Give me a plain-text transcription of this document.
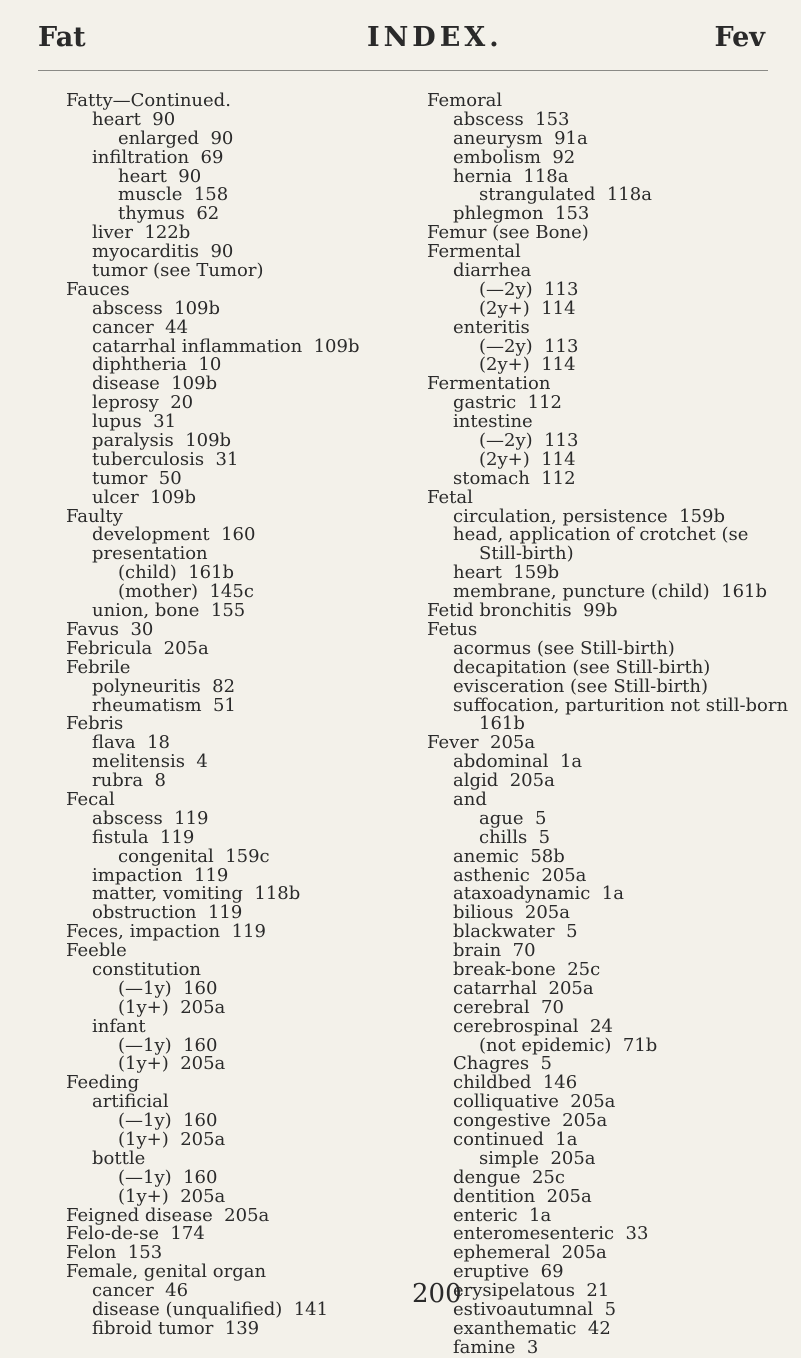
Fat	INDEX.	Fev
Fatty—Continued.
heart  90
enlarged  90
infiltration  69
heart  90
muscle  158
thymus  62
liver  122b
myocarditis  90
tumor (see Tumor)
Fauces
abscess  109b
cancer  44
catarrhal inflammation  109b
diphtheria  10
disease  109b
leprosy  20
lupus  31
paralysis  109b
tuberculosis  31
tumor  50
ulcer  109b
Faulty
development  160
presentation
(child)  161b
(mother)  145c
union, bone  155
Favus  30
Febricula  205a
Febrile
polyneuritis  82
rheumatism  51
Febris
flava  18
melitensis  4
rubra  8
Fecal
abscess  119
fistula  119
congenital  159c
impaction  119
matter, vomiting  118b
obstruction  119
Feces, impaction  119
Feeble
constitution
(—1y)  160
(1y+)  205a
infant
(—1y)  160
(1y+)  205a
Feeding
artificial
(—1y)  160
(1y+)  205a
bottle
(—1y)  160
(1y+)  205a
Feigned disease  205a
Felo-de-se  174
Felon  153
Female, genital organ
cancer  46
disease (unqualified)  141
fibroid tumor  139
Femoral
abscess  153
aneurysm  91a
embolism  92
hernia  118a
strangulated  118a
phlegmon  153
Femur (see Bone)
Fermental
diarrhea
(—2y)  113
(2y+)  114
enteritis
(—2y)  113
(2y+)  114
Fermentation
gastric  112
intestine
(—2y)  113
(2y+)  114
stomach  112
Fetal
circulation, persistence  159b
head, application of crotchet (se
Still-birth)
heart  159b
membrane, puncture (child)  161b
Fetid bronchitis  99b
Fetus
acormus (see Still-birth)
decapitation (see Still-birth)
evisceration (see Still-birth)
suffocation, parturition not still-born
161b
Fever  205a
abdominal  1a
algid  205a
and
ague  5
chills  5
anemic  58b
asthenic  205a
ataxoadynamic  1a
bilious  205a
blackwater  5
brain  70
break-bone  25c
catarrhal  205a
cerebral  70
cerebrospinal  24
(not epidemic)  71b
Chagres  5
childbed  146
colliquative  205a
congestive  205a
continued  1a
simple  205a
dengue  25c
dentition  205a
enteric  1a
enteromesenteric  33
ephemeral  205a
eruptive  69
erysipelatous  21
estivoautumnal  5
exanthematic  42
famine  3
200
